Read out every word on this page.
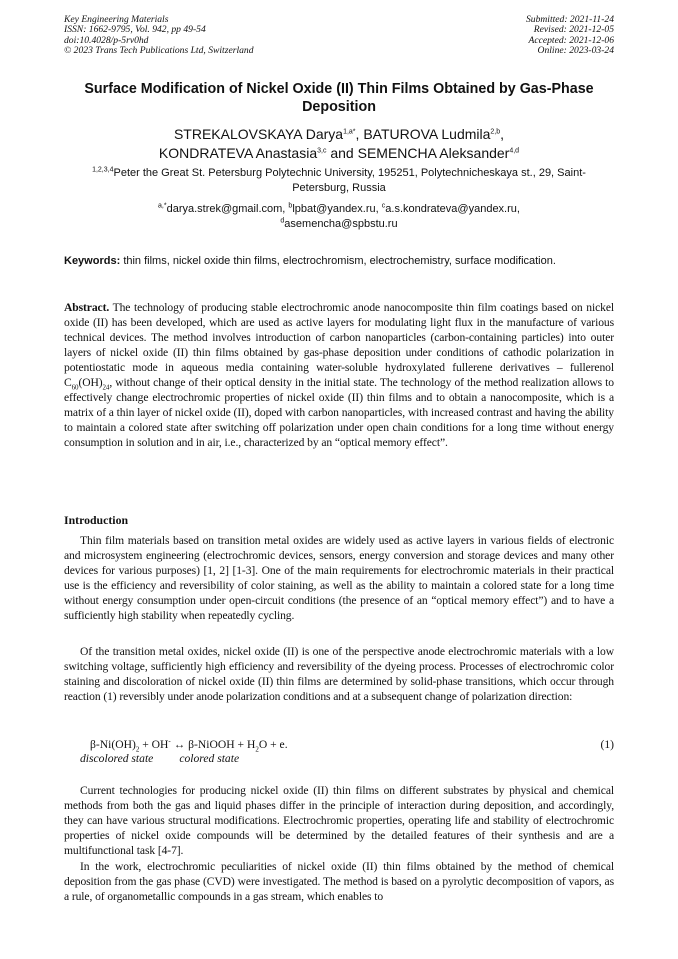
Key Engineering Materials
ISSN: 1662-9795, Vol. 942, pp 49-54
doi:10.4028/p-5rv0hd
© 2023 Trans Tech Publications Ltd, Switzerland
Submitted: 2021-11-24
Revised: 2021-12-05
Accepted: 2021-12-06
Online: 2023-03-24
Surface Modification of Nickel Oxide (II) Thin Films Obtained by Gas-Phase Deposition
STREKALOVSKAYA Darya$^{1,a*}$, BATUROVA Ludmila$^{2,b}$,
KONDRATEVA Anastasia$^{3,c}$ and SEMENCHA Aleksander$^{4,d}$
$^{1,2,3,4}$Peter the Great St. Petersburg Polytechnic University, 195251, Polytechnicheskaya st., 29, Saint-Petersburg, Russia
$^{a,*}$darya.strek@gmail.com, $^b$lpbat@yandex.ru, $^c$a.s.kondrateva@yandex.ru,
$^d$asemencha@spbstu.ru
Keywords: thin films, nickel oxide thin films, electrochromism, electrochemistry, surface modification.

Abstract. The technology of producing stable electrochromic anode nanocomposite thin film coatings based on nickel oxide (II) has been developed, which are used as active layers for modulating light flux in the manufacture of various technical devices. The method involves introduction of carbon nanoparticles (carbon-containing particles) into outer layers of nickel oxide (II) thin films obtained by gas-phase deposition under conditions of cathodic polarization in potentiostatic mode in aqueous media containing water-soluble hydroxylated fullerene derivatives – fullerenol $C_{60}(OH)_{24}$, without change of their optical density in the initial state. The technology of the method realization allows to effectively change electrochromic properties of nickel oxide (II) thin films and to obtain a nanocomposite, which is a matrix of a thin layer of nickel oxide (II), doped with carbon nanoparticles, with increased contrast and having the ability to maintain a colored state after switching off polarization under open chain conditions for a long time without energy consumption in solution and in air, i.e., characterized by an “optical memory effect”.

Introduction

Thin film materials based on transition metal oxides are widely used as active layers in various fields of electronic and microsystem engineering (electrochromic devices, sensors, energy conversion and storage devices and many other devices for various purposes) [1, 2] [1-3]. One of the main requirements for electrochromic materials in their practical use is the efficiency and reversibility of color staining, as well as the ability to maintain a colored state for a long time without energy consumption under open-circuit conditions (the presence of an “optical memory effect”) and to have a sufficiently high stability when repeatedly cycling.

Of the transition metal oxides, nickel oxide (II) is one of the perspective anode electrochromic materials with a low switching voltage, sufficiently high efficiency and reversibility of the dyeing process. Processes of electrochromic color staining and discoloration of nickel oxide (II) thin films are determined by solid-phase transitions, which occur through reaction (1) reversibly under anode polarization conditions and at a subsequent change of polarization direction:

$\beta-Ni(OH)_2 + OH^-$ ↔ β-NiOOH + $H_2O + e$.	(1)
discolored state colored state

Current technologies for producing nickel oxide (II) thin films on different substrates by physical and chemical methods from both the gas and liquid phases differ in the principle of interaction during deposition, and accordingly, they can have various structural modifications. Electrochromic properties, operating life and stability of electrochromic properties of nickel oxide compounds will be determined by the detailed features of their synthesis and are a multifunctional task [4-7].

In the work, electrochromic peculiarities of nickel oxide (II) thin films obtained by the method of chemical deposition from the gas phase (CVD) were investigated. The method is based on a pyrolytic decomposition of vapors, as a rule, of organometallic compounds in a gas stream, which enables to
